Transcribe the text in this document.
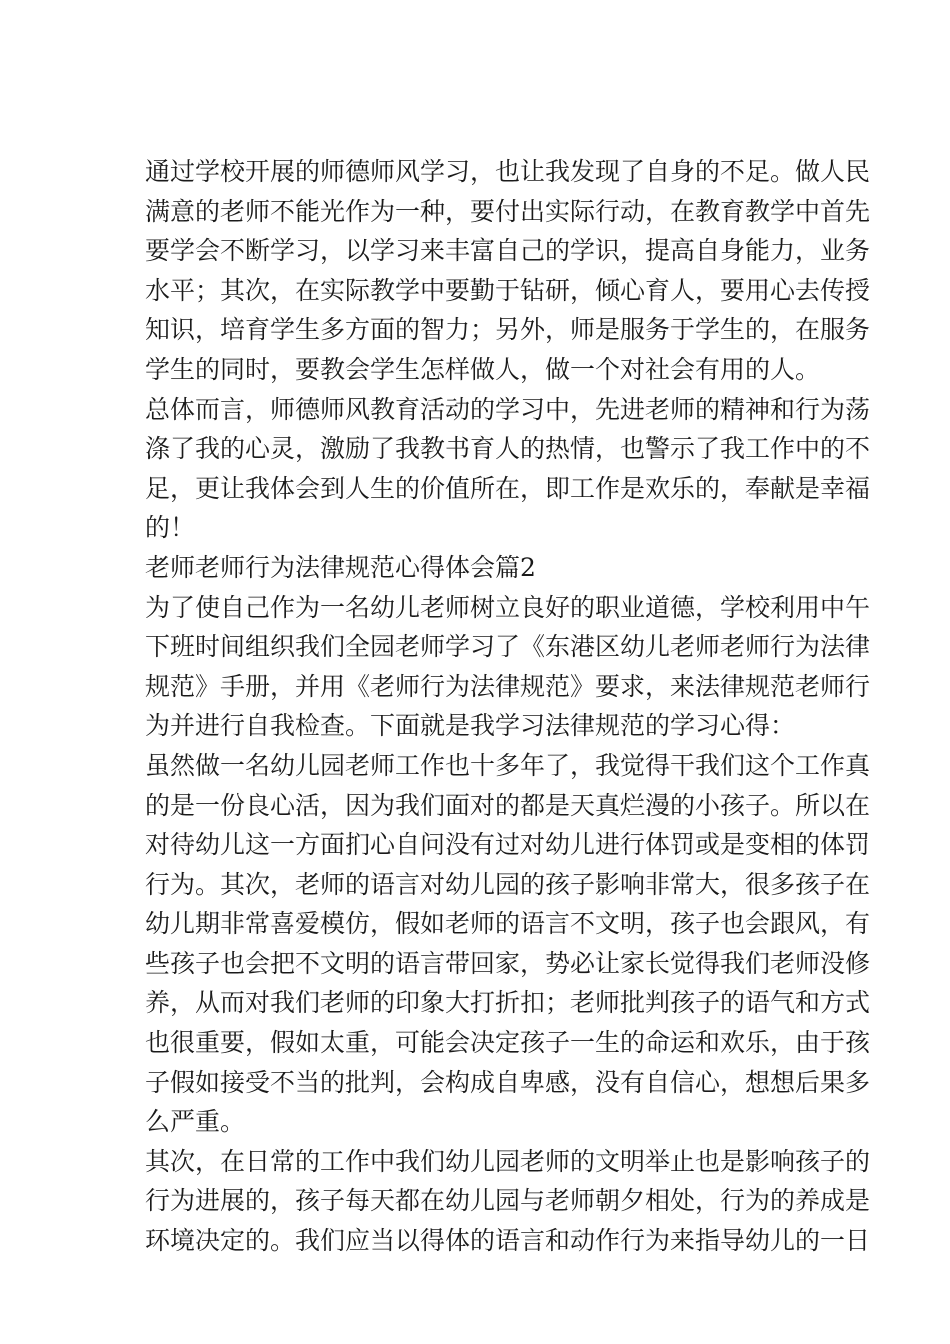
通过学校开展的师德师风学习，也让我发现了自身的不足。做人民
满意的老师不能光作为一种，要付出实际行动，在教育教学中首先
要学会不断学习，以学习来丰富自己的学识，提高自身能力，业务
水平；其次，在实际教学中要勤于钻研，倾心育人，要用心去传授
知识，培育学生多方面的智力；另外，师是服务于学生的，在服务
学生的同时，要教会学生怎样做人，做一个对社会有用的人。
总体而言，师德师风教育活动的学习中，先进老师的精神和行为荡
涤了我的心灵，激励了我教书育人的热情，也警示了我工作中的不
足，更让我体会到人生的价值所在，即工作是欢乐的，奉献是幸福
的！
老师老师行为法律规范心得体会篇2
为了使自己作为一名幼儿老师树立良好的职业道德，学校利用中午
下班时间组织我们全园老师学习了《东港区幼儿老师老师行为法律
规范》手册，并用《老师行为法律规范》要求，来法律规范老师行
为并进行自我检查。下面就是我学习法律规范的学习心得：
虽然做一名幼儿园老师工作也十多年了，我觉得干我们这个工作真
的是一份良心活，因为我们面对的都是天真烂漫的小孩子。所以在
对待幼儿这一方面扪心自问没有过对幼儿进行体罚或是变相的体罚
行为。其次，老师的语言对幼儿园的孩子影响非常大，很多孩子在
幼儿期非常喜爱模仿，假如老师的语言不文明，孩子也会跟风，有
些孩子也会把不文明的语言带回家，势必让家长觉得我们老师没修
养，从而对我们老师的印象大打折扣；老师批判孩子的语气和方式
也很重要，假如太重，可能会决定孩子一生的命运和欢乐，由于孩
子假如接受不当的批判，会构成自卑感，没有自信心，想想后果多
么严重。
其次，在日常的工作中我们幼儿园老师的文明举止也是影响孩子的
行为进展的，孩子每天都在幼儿园与老师朝夕相处，行为的养成是
环境决定的。我们应当以得体的语言和动作行为来指导幼儿的一日
